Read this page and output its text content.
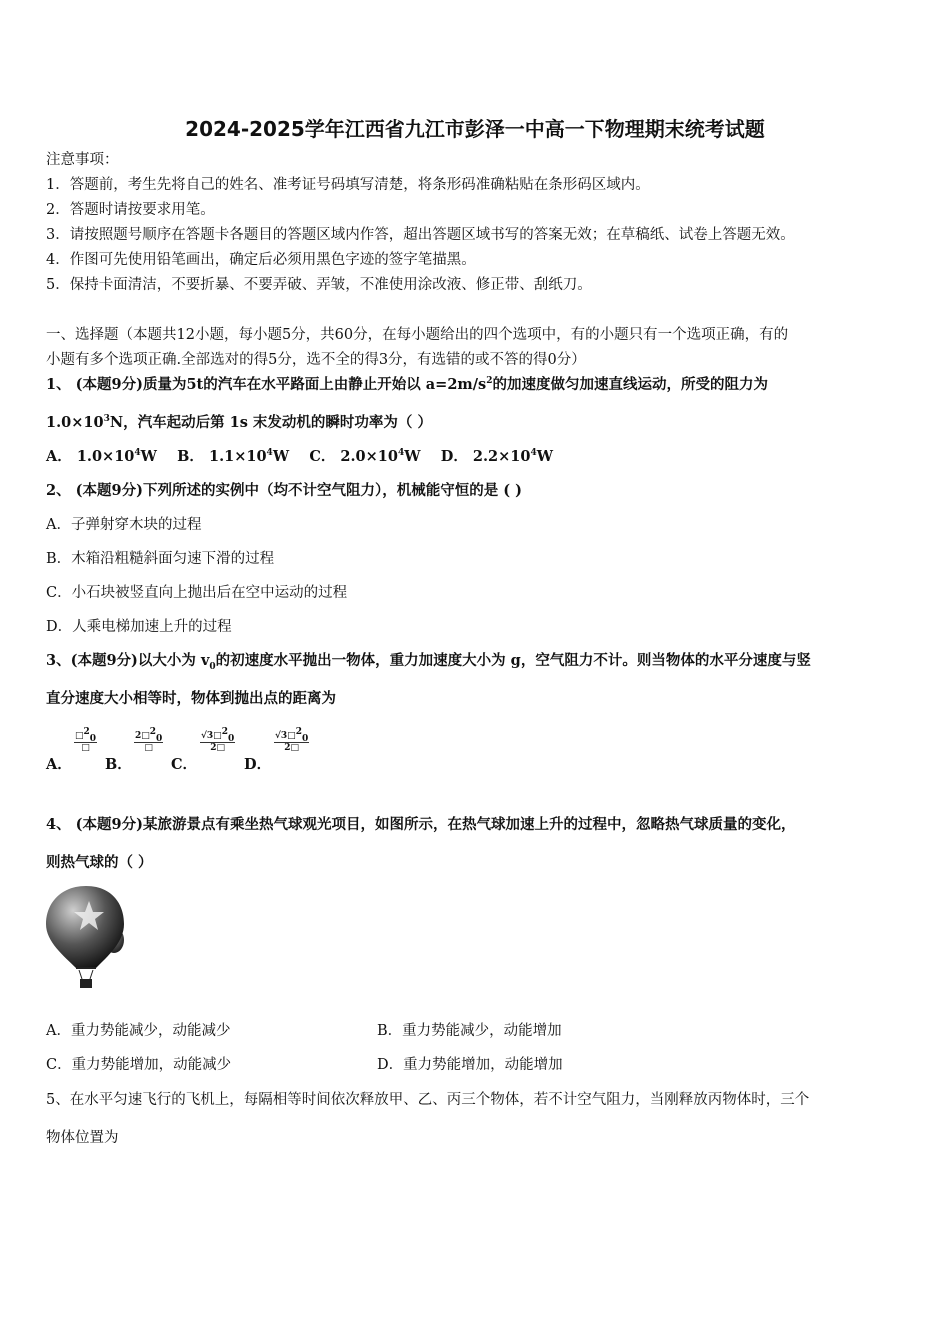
2024-2025学年江西省九江市彭泽一中高一下物理期末统考试题
注意事项：
1．答题前，考生先将自己的姓名、准考证号码填写清楚，将条形码准确粘贴在条形码区域内。
2．答题时请按要求用笔。
3．请按照题号顺序在答题卡各题目的答题区域内作答，超出答题区域书写的答案无效；在草稿纸、试卷上答题无效。
4．作图可先使用铅笔画出，确定后必须用黑色字迹的签字笔描黑。
5．保持卡面清洁，不要折暴、不要弄破、弄皱，不准使用涂改液、修正带、刮纸刀。
一、选择题（本题共12小题，每小题5分，共60分，在每小题给出的四个选项中，有的小题只有一个选项正确，有的
小题有多个选项正确.全部选对的得5分，选不全的得3分，有选错的或不答的得0分）
1、 (本题9分)质量为5t的汽车在水平路面上由静止开始以 $a=2m/s^2$的加速度做匀加速直线运动，所受的阻力为
$1.0\times 10^3N$，汽车起动后第 1s 末发动机的瞬时功率为（ ）
A． $1.0\times 10^4W$ B． $1.1\times 10^4W$ C． $2.0\times 10^4W$ D． $2.2\times 10^4W$
2、 (本题9分)下列所述的实例中（均不计空气阻力），机械能守恒的是 ( )
A．子弹射穿木块的过程
B．木箱沿粗糙斜面匀速下滑的过程
C．小石块被竖直向上抛出后在空中运动的过程
D．人乘电梯加速上升的过程
3、(本题9分)以大小为 $v_0$的初速度水平抛出一物体，重力加速度大小为 g，空气阻力不计。则当物体的水平分速度与竖
直分速度大小相等时，物体到抛出点的距离为
A．
□$^2_0$
□
B．
2□$^2_0$
□
C．
$\frac{√3□^2_0}{2□}$
D．
$\frac{√3□^2_0}{2□}$
4、 (本题9分)某旅游景点有乘坐热气球观光项目，如图所示，在热气球加速上升的过程中，忽略热气球质量的变化，
则热气球的（ ）
A．重力势能减少，动能减少	B．重力势能减少，动能增加
C．重力势能增加，动能减少	D．重力势能增加，动能增加
5、在水平匀速飞行的飞机上，每隔相等时间依次释放甲、乙、丙三个物体，若不计空气阻力，当刚释放丙物体时，三个
物体位置为
